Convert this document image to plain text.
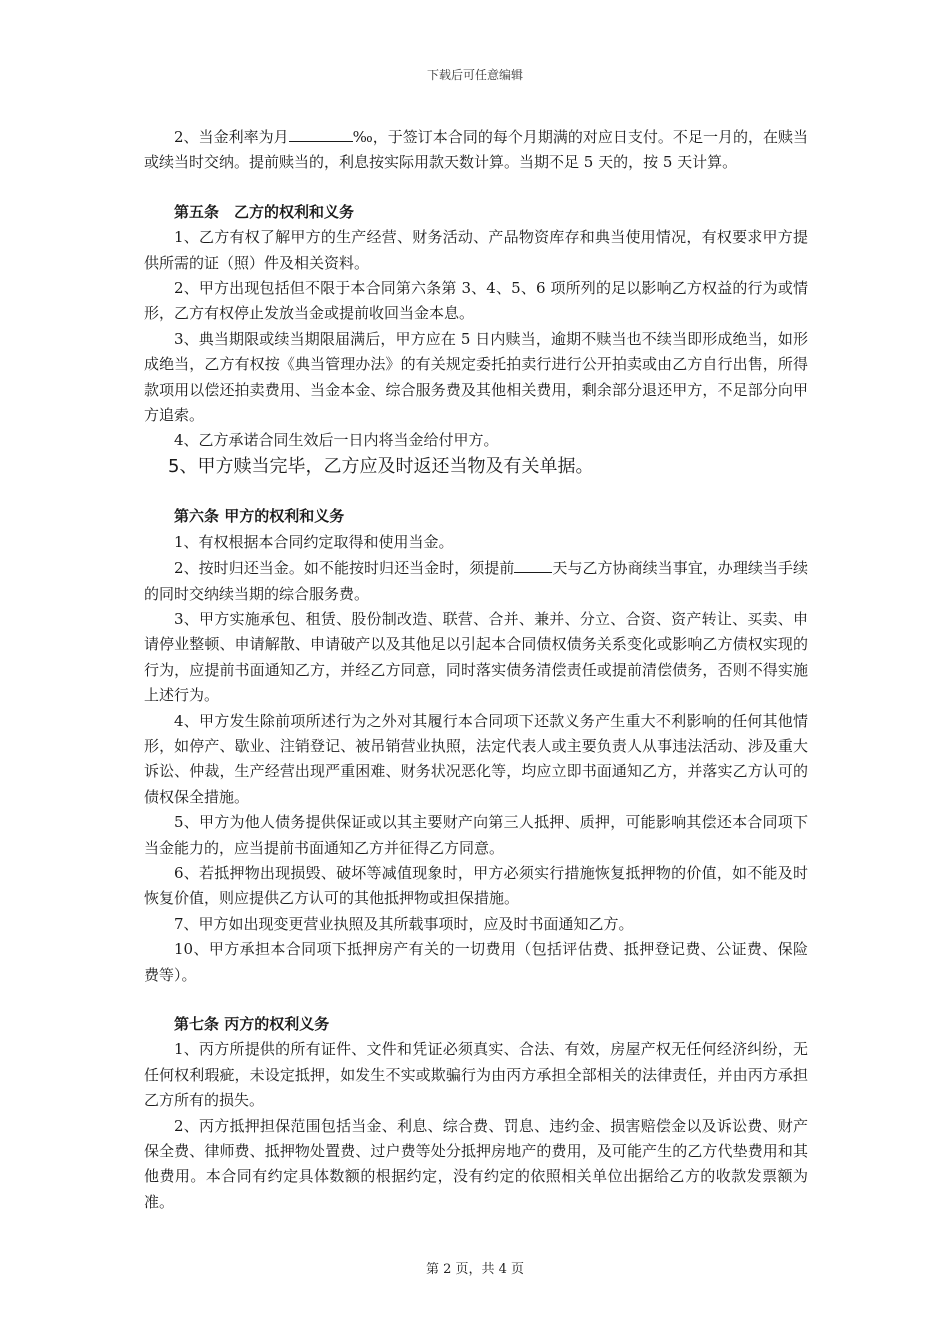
下载后可任意编辑

2、当金利率为月	‰，于签订本合同的每个月期满的对应日支付。不足一月的，在赎当或续当时交纳。提前赎当的，利息按实际用款天数计算。当期不足 5 天的，按 5 天计算。

第五条　乙方的权利和义务

1、乙方有权了解甲方的生产经营、财务活动、产品物资库存和典当使用情况，有权要求甲方提供所需的证（照）件及相关资料。

2、甲方出现包括但不限于本合同第六条第 3、4、5、6 项所列的足以影响乙方权益的行为或情形，乙方有权停止发放当金或提前收回当金本息。

3、典当期限或续当期限届满后，甲方应在 5 日内赎当，逾期不赎当也不续当即形成绝当，如形成绝当，乙方有权按《典当管理办法》的有关规定委托拍卖行进行公开拍卖或由乙方自行出售，所得款项用以偿还拍卖费用、当金本金、综合服务费及其他相关费用，剩余部分退还甲方，不足部分向甲方追索。

4、乙方承诺合同生效后一日内将当金给付甲方。

5、甲方赎当完毕，乙方应及时返还当物及有关单据。

第六条 甲方的权利和义务

1、有权根据本合同约定取得和使用当金。

2、按时归还当金。如不能按时归还当金时，须提前	天与乙方协商续当事宜，办理续当手续的同时交纳续当期的综合服务费。

3、甲方实施承包、租赁、股份制改造、联营、合并、兼并、分立、合资、资产转让、买卖、申请停业整顿、申请解散、申请破产以及其他足以引起本合同债权债务关系变化或影响乙方债权实现的行为，应提前书面通知乙方，并经乙方同意，同时落实债务清偿责任或提前清偿债务，否则不得实施上述行为。

4、甲方发生除前项所述行为之外对其履行本合同项下还款义务产生重大不利影响的任何其他情形，如停产、歇业、注销登记、被吊销营业执照，法定代表人或主要负责人从事违法活动、涉及重大诉讼、仲裁，生产经营出现严重困难、财务状况恶化等，均应立即书面通知乙方，并落实乙方认可的债权保全措施。

5、甲方为他人债务提供保证或以其主要财产向第三人抵押、质押，可能影响其偿还本合同项下当金能力的，应当提前书面通知乙方并征得乙方同意。

6、若抵押物出现损毁、破坏等减值现象时，甲方必须实行措施恢复抵押物的价值，如不能及时恢复价值，则应提供乙方认可的其他抵押物或担保措施。

7、甲方如出现变更营业执照及其所载事项时，应及时书面通知乙方。

10、甲方承担本合同项下抵押房产有关的一切费用（包括评估费、抵押登记费、公证费、保险费等）。

第七条 丙方的权利义务

1、丙方所提供的所有证件、文件和凭证必须真实、合法、有效，房屋产权无任何经济纠纷，无任何权利瑕疵，未设定抵押，如发生不实或欺骗行为由丙方承担全部相关的法律责任，并由丙方承担乙方所有的损失。

2、丙方抵押担保范围包括当金、利息、综合费、罚息、违约金、损害赔偿金以及诉讼费、财产保全费、律师费、抵押物处置费、过户费等处分抵押房地产的费用，及可能产生的乙方代垫费用和其他费用。本合同有约定具体数额的根据约定，没有约定的依照相关单位出据给乙方的收款发票额为准。

第 2 页，共 4 页
